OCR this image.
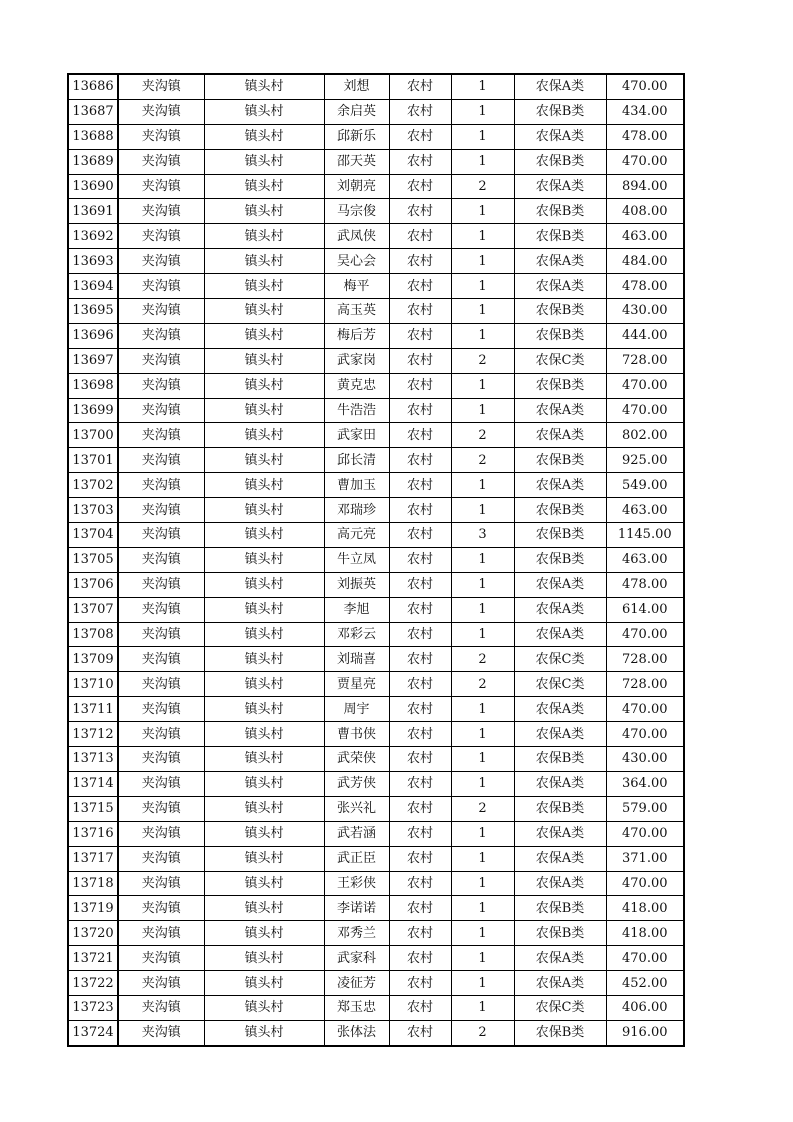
13686	夹沟镇	镇头村	刘想	农村	1	农保A类	470.00
13687	夹沟镇	镇头村	余启英	农村	1	农保B类	434.00
13688	夹沟镇	镇头村	邱新乐	农村	1	农保A类	478.00
13689	夹沟镇	镇头村	邵天英	农村	1	农保B类	470.00
13690	夹沟镇	镇头村	刘朝亮	农村	2	农保A类	894.00
13691	夹沟镇	镇头村	马宗俊	农村	1	农保B类	408.00
13692	夹沟镇	镇头村	武凤侠	农村	1	农保B类	463.00
13693	夹沟镇	镇头村	吴心会	农村	1	农保A类	484.00
13694	夹沟镇	镇头村	梅平	农村	1	农保A类	478.00
13695	夹沟镇	镇头村	高玉英	农村	1	农保B类	430.00
13696	夹沟镇	镇头村	梅后芳	农村	1	农保B类	444.00
13697	夹沟镇	镇头村	武家岗	农村	2	农保C类	728.00
13698	夹沟镇	镇头村	黄克忠	农村	1	农保B类	470.00
13699	夹沟镇	镇头村	牛浩浩	农村	1	农保A类	470.00
13700	夹沟镇	镇头村	武家田	农村	2	农保A类	802.00
13701	夹沟镇	镇头村	邱长清	农村	2	农保B类	925.00
13702	夹沟镇	镇头村	曹加玉	农村	1	农保A类	549.00
13703	夹沟镇	镇头村	邓瑞珍	农村	1	农保B类	463.00
13704	夹沟镇	镇头村	高元亮	农村	3	农保B类	1145.00
13705	夹沟镇	镇头村	牛立凤	农村	1	农保B类	463.00
13706	夹沟镇	镇头村	刘振英	农村	1	农保A类	478.00
13707	夹沟镇	镇头村	李旭	农村	1	农保A类	614.00
13708	夹沟镇	镇头村	邓彩云	农村	1	农保A类	470.00
13709	夹沟镇	镇头村	刘瑞喜	农村	2	农保C类	728.00
13710	夹沟镇	镇头村	贾星亮	农村	2	农保C类	728.00
13711	夹沟镇	镇头村	周宇	农村	1	农保A类	470.00
13712	夹沟镇	镇头村	曹书侠	农村	1	农保A类	470.00
13713	夹沟镇	镇头村	武荣侠	农村	1	农保B类	430.00
13714	夹沟镇	镇头村	武芳侠	农村	1	农保A类	364.00
13715	夹沟镇	镇头村	张兴礼	农村	2	农保B类	579.00
13716	夹沟镇	镇头村	武若涵	农村	1	农保A类	470.00
13717	夹沟镇	镇头村	武正臣	农村	1	农保A类	371.00
13718	夹沟镇	镇头村	王彩侠	农村	1	农保A类	470.00
13719	夹沟镇	镇头村	李诺诺	农村	1	农保B类	418.00
13720	夹沟镇	镇头村	邓秀兰	农村	1	农保B类	418.00
13721	夹沟镇	镇头村	武家科	农村	1	农保A类	470.00
13722	夹沟镇	镇头村	凌征芳	农村	1	农保A类	452.00
13723	夹沟镇	镇头村	郑玉忠	农村	1	农保C类	406.00
13724	夹沟镇	镇头村	张体法	农村	2	农保B类	916.00
